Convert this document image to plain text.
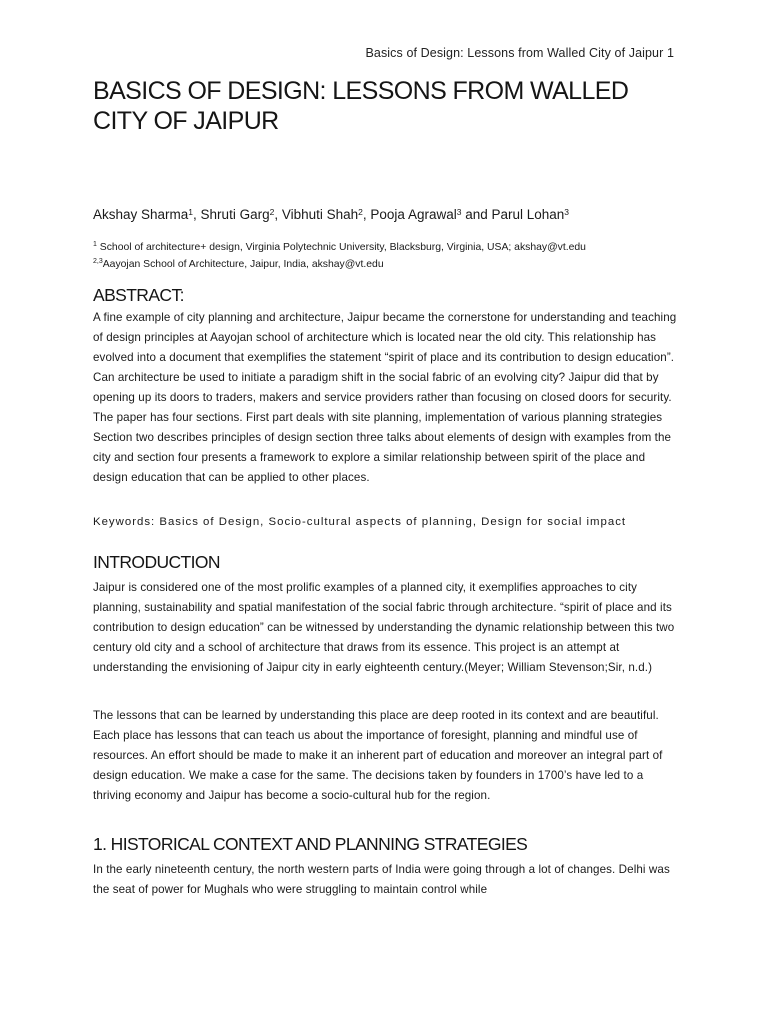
Basics of Design: Lessons from Walled City of Jaipur 1
BASICS OF DESIGN: LESSONS FROM WALLED CITY OF JAIPUR
Akshay Sharma$^1$, Shruti Garg$^2$, Vibhuti Shah$^2$, Pooja Agrawal$^3$ and Parul Lohan$^3$
$^1$ School of architecture+ design, Virginia Polytechnic University, Blacksburg, Virginia, USA; akshay@vt.edu
$^{2,3}$Aayojan School of Architecture, Jaipur, India, akshay@vt.edu
ABSTRACT:

A fine example of city planning and architecture, Jaipur became the cornerstone for understanding and teaching of design principles at Aayojan school of architecture which is located near the old city. This relationship has evolved into a document that exemplifies the statement “spirit of place and its contribution to design education”. Can architecture be used to initiate a paradigm shift in the social fabric of an evolving city? Jaipur did that by opening up its doors to traders, makers and service providers rather than focusing on closed doors for security. The paper has four sections. First part deals with site planning, implementation of various planning strategies Section two describes principles of design section three talks about elements of design with examples from the city and section four presents a framework to explore a similar relationship between spirit of the place and design education that can be applied to other places.

Keywords: Basics of Design, Socio-cultural aspects of planning, Design for social impact
INTRODUCTION

Jaipur is considered one of the most prolific examples of a planned city, it exemplifies approaches to city planning, sustainability and spatial manifestation of the social fabric through architecture. “spirit of place and its contribution to design education” can be witnessed by understanding the dynamic relationship between this two century old city and a school of architecture that draws from its essence. This project is an attempt at understanding the envisioning of Jaipur city in early eighteenth century.(Meyer; William Stevenson;Sir, n.d.)

The lessons that can be learned by understanding this place are deep rooted in its context and are beautiful. Each place has lessons that can teach us about the importance of foresight, planning and mindful use of resources. An effort should be made to make it an inherent part of education and moreover an integral part of design education. We make a case for the same. The decisions taken by founders in 1700’s have led to a thriving economy and Jaipur has become a socio-cultural hub for the region.

1. HISTORICAL CONTEXT AND PLANNING STRATEGIES

In the early nineteenth century, the north western parts of India were going through a lot of changes. Delhi was the seat of power for Mughals who were struggling to maintain control while
